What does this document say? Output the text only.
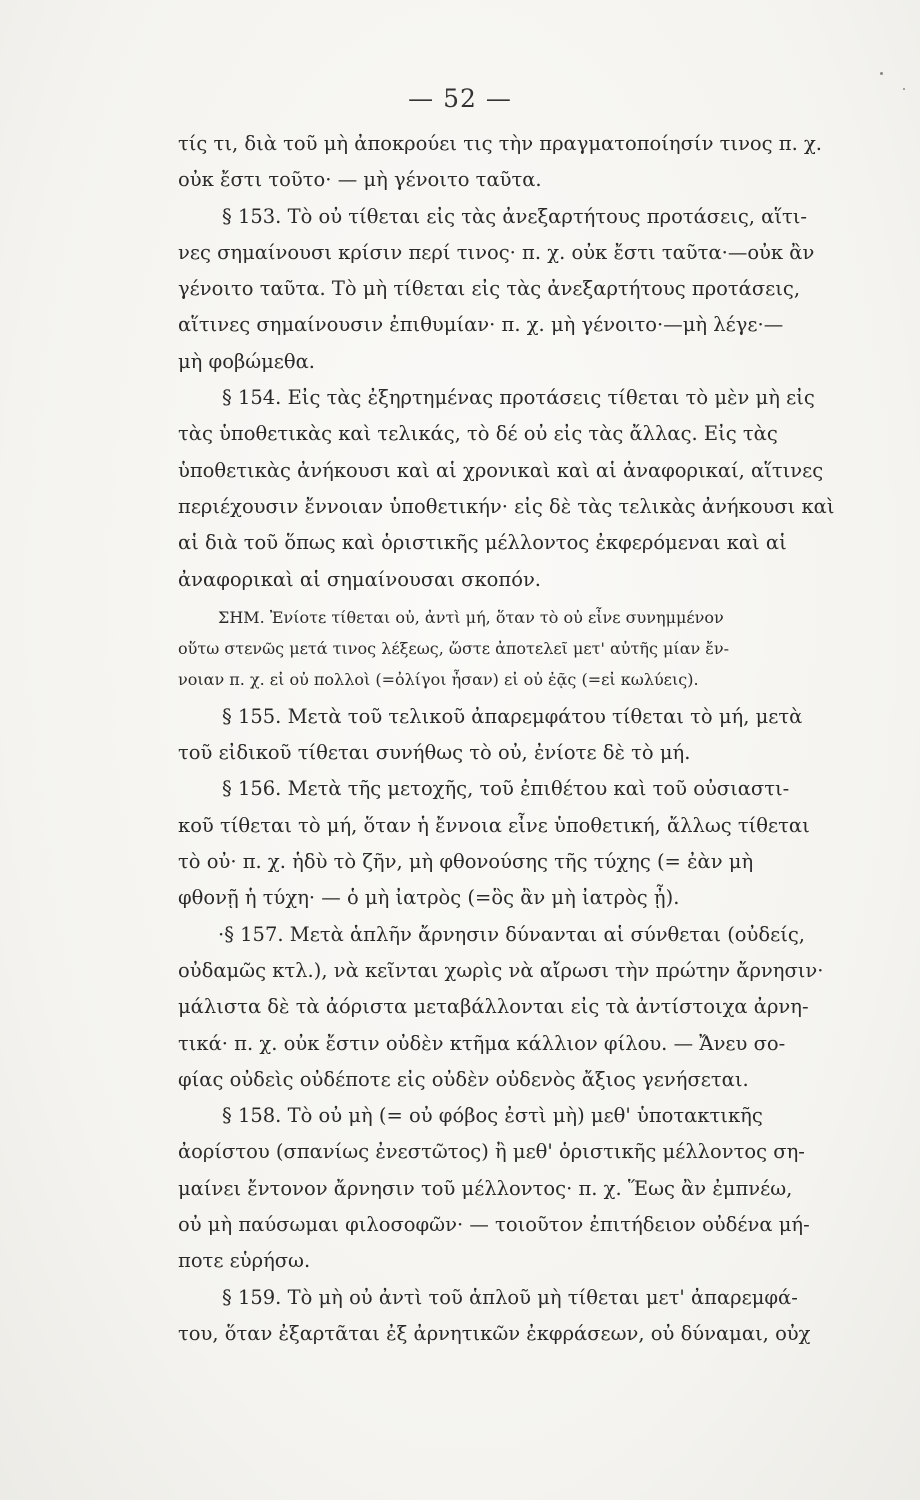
— 52 —
τίς τι, διὰ τοῦ μὴ ἀποκρούει τις τὴν πραγματοποίησίν τινος π. χ.
οὐκ ἔστι τοῦτο· — μὴ γένοιτο ταῦτα.
§ 153. Τὸ οὐ τίθεται εἰς τὰς ἀνεξαρτήτους προτάσεις, αἵτι-
νες σημαίνουσι κρίσιν περί τινος· π. χ. οὐκ ἔστι ταῦτα·—οὐκ ἂν
γένοιτο ταῦτα. Τὸ μὴ τίθεται εἰς τὰς ἀνεξαρτήτους προτάσεις,
αἵτινες σημαίνουσιν ἐπιθυμίαν· π. χ. μὴ γένοιτο·—μὴ λέγε·—
μὴ φοβώμεθα.
§ 154. Εἰς τὰς ἐξηρτημένας προτάσεις τίθεται τὸ μὲν μὴ εἰς
τὰς ὑποθετικὰς καὶ τελικάς, τὸ δέ οὐ εἰς τὰς ἄλλας. Εἰς τὰς
ὑποθετικὰς ἀνήκουσι καὶ αἱ χρονικαὶ καὶ αἱ ἀναφορικαί, αἵτινες
περιέχουσιν ἔννοιαν ὑποθετικήν· εἰς δὲ τὰς τελικὰς ἀνήκουσι καὶ
αἱ διὰ τοῦ ὅπως καὶ ὁριστικῆς μέλλοντος ἐκφερόμεναι καὶ αἱ
ἀναφορικαὶ αἱ σημαίνουσαι σκοπόν.
ΣΗΜ. Ἐνίοτε τίθεται οὐ, ἀντὶ μή, ὅταν τὸ οὐ εἶνε συνημμένον
οὕτω στενῶς μετά τινος λέξεως, ὥστε ἀποτελεῖ μετ' αὐτῆς μίαν ἔν-
νοιαν π. χ. εἰ οὐ πολλοὶ (=ὀλίγοι ἦσαν) εἰ οὐ ἐᾷς (=εἰ κωλύεις).
§ 155. Μετὰ τοῦ τελικοῦ ἀπαρεμφάτου τίθεται τὸ μή, μετὰ
τοῦ εἰδικοῦ τίθεται συνήθως τὸ οὐ, ἐνίοτε δὲ τὸ μή.
§ 156. Μετὰ τῆς μετοχῆς, τοῦ ἐπιθέτου καὶ τοῦ οὐσιαστι-
κοῦ τίθεται τὸ μή, ὅταν ἡ ἔννοια εἶνε ὑποθετική, ἄλλως τίθεται
τὸ οὐ· π. χ. ἡδὺ τὸ ζῆν, μὴ φθονούσης τῆς τύχης (= ἐὰν μὴ
φθονῇ ἡ τύχη· — ὁ μὴ ἰατρὸς (=ὃς ἂν μὴ ἰατρὸς ᾖ).
·§ 157. Μετὰ ἁπλῆν ἄρνησιν δύνανται αἱ σύνθεται (οὐδείς,
οὐδαμῶς κτλ.), νὰ κεῖνται χωρὶς νὰ αἴρωσι τὴν πρώτην ἄρνησιν·
μάλιστα δὲ τὰ ἀόριστα μεταβάλλονται εἰς τὰ ἀντίστοιχα ἀρνη-
τικά· π. χ. οὐκ ἔστιν οὐδὲν κτῆμα κάλλιον φίλου. — Ἄνευ σο-
φίας οὐδεὶς οὐδέποτε εἰς οὐδὲν οὐδενὸς ἄξιος γενήσεται.
§ 158. Τὸ οὐ μὴ (= οὐ φόβος ἐστὶ μὴ) μεθ' ὑποτακτικῆς
ἀορίστου (σπανίως ἐνεστῶτος) ἢ μεθ' ὁριστικῆς μέλλοντος ση-
μαίνει ἔντονον ἄρνησιν τοῦ μέλλοντος· π. χ. Ἕως ἂν ἐμπνέω,
οὐ μὴ παύσωμαι φιλοσοφῶν· — τοιοῦτον ἐπιτήδειον οὐδένα μή-
ποτε εὑρήσω.
§ 159. Τὸ μὴ οὐ ἀντὶ τοῦ ἁπλοῦ μὴ τίθεται μετ' ἀπαρεμφά-
του, ὅταν ἐξαρτᾶται ἐξ ἀρνητικῶν ἐκφράσεων, οὐ δύναμαι, οὐχ
